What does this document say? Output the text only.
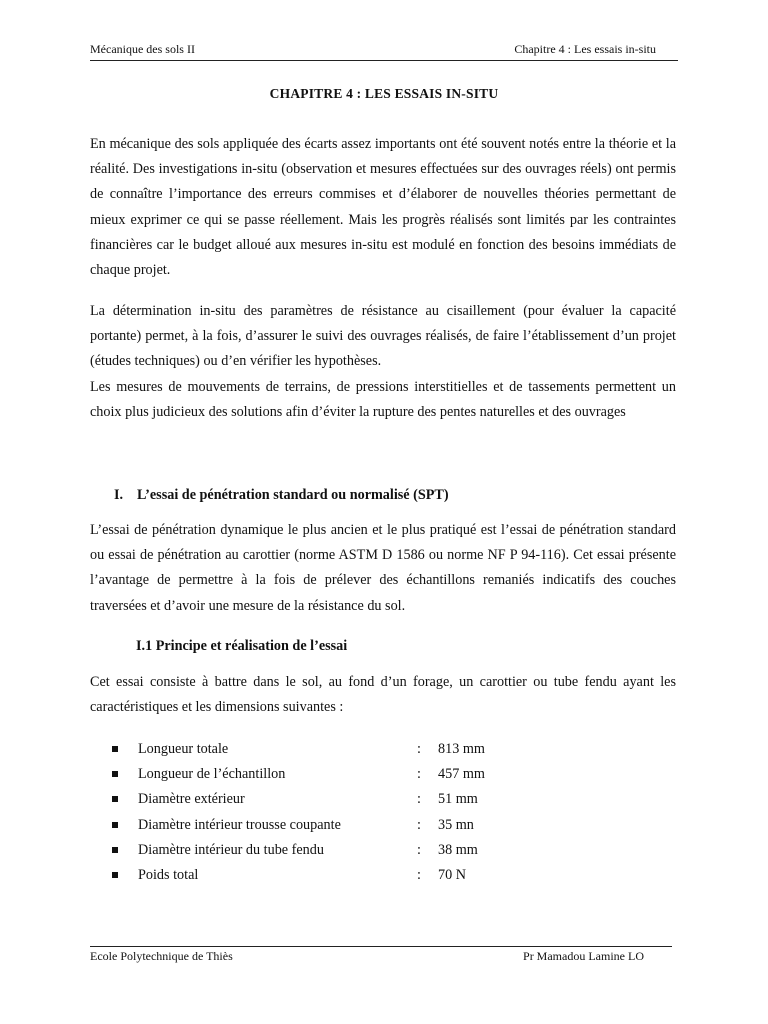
Mécanique des sols II	Chapitre 4 : Les essais in-situ
CHAPITRE 4 : LES ESSAIS IN-SITU

En mécanique des sols appliquée des écarts assez importants ont été souvent notés entre la théorie et la réalité. Des investigations in-situ (observation et mesures effectuées sur des ouvrages réels) ont permis de connaître l’importance des erreurs commises et d’élaborer de nouvelles théories permettant de mieux exprimer ce qui se passe réellement. Mais les progrès réalisés sont limités par les contraintes financières car le budget alloué aux mesures in-situ est modulé en fonction des besoins immédiats de chaque projet.

La détermination in-situ des paramètres de résistance au cisaillement (pour évaluer la capacité portante) permet, à la fois, d’assurer le suivi des ouvrages réalisés, de faire l’établissement d’un projet (études techniques) ou d’en vérifier les hypothèses.

Les mesures de mouvements de terrains, de pressions interstitielles et de tassements permettent un choix plus judicieux des solutions afin d’éviter la rupture des pentes naturelles et des ouvrages

I. L’essai de pénétration standard ou normalisé (SPT)

L’essai de pénétration dynamique le plus ancien et le plus pratiqué est l’essai de pénétration standard ou essai de pénétration au carottier (norme ASTM D 1586 ou norme NF P 94-116). Cet essai présente l’avantage de permettre à la fois de prélever des échantillons remaniés indicatifs des couches traversées et d’avoir une mesure de la résistance du sol.

I.1 Principe et réalisation de l’essai

Cet essai consiste à battre dans le sol, au fond d’un forage, un carottier ou tube fendu ayant les caractéristiques et les dimensions suivantes :

Longueur totale	: 813 mm
Longueur de l’échantillon	: 457 mm
Diamètre extérieur	: 51 mm
Diamètre intérieur trousse coupante	: 35 mn
Diamètre intérieur du tube fendu	: 38 mm
Poids total	: 70 N
Ecole Polytechnique de Thiès	Pr Mamadou Lamine LO
